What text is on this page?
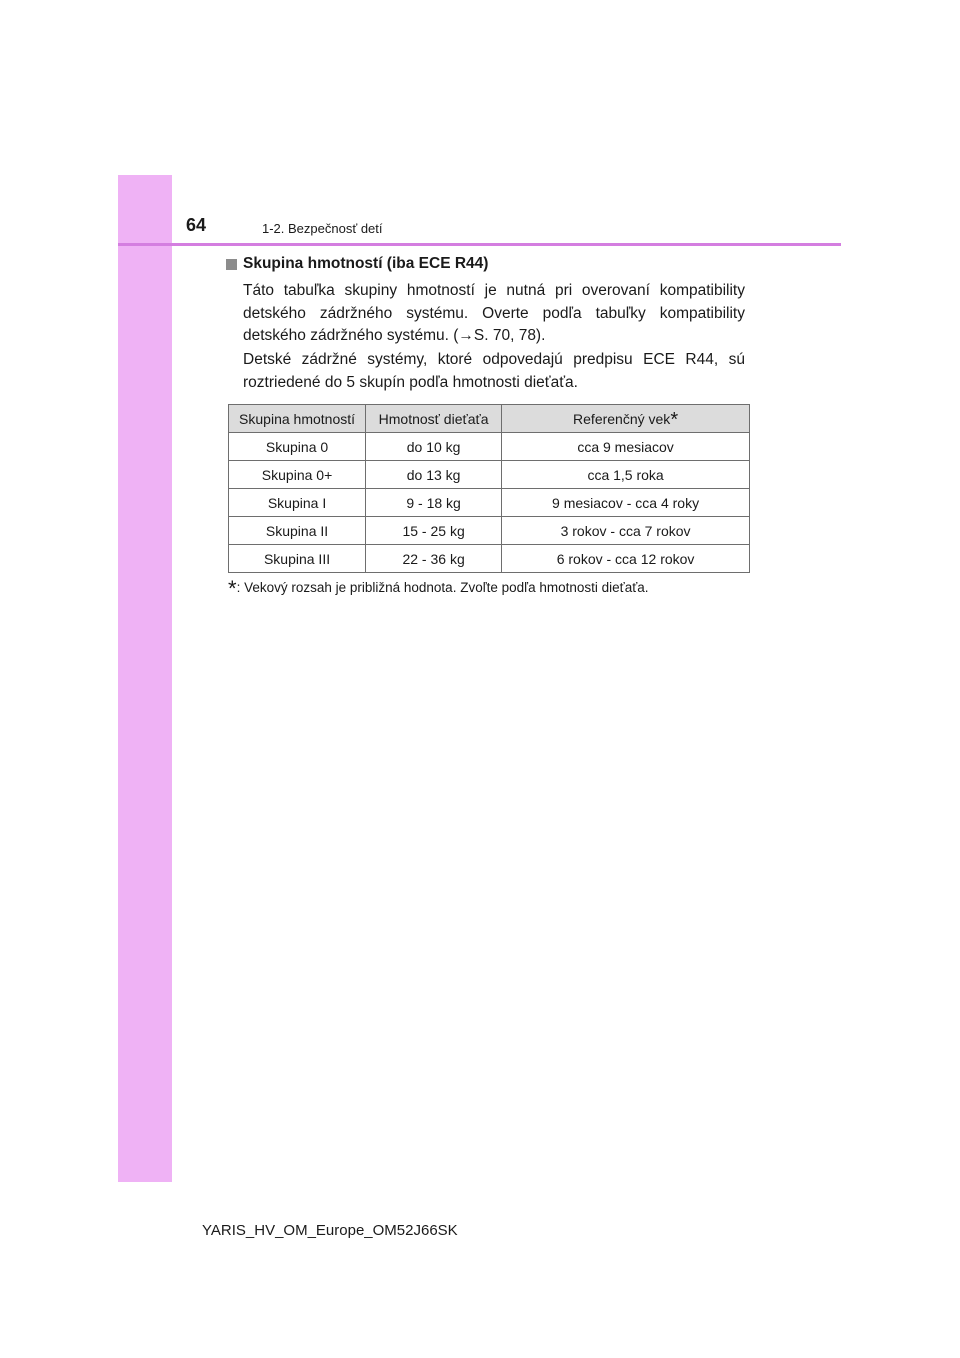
64	1-2. Bezpečnosť detí
Skupina hmotností (iba ECE R44)
Táto tabuľka skupiny hmotností je nutná pri overovaní kompatibility detského zádržného systému. Overte podľa tabuľky kompatibility detského zádržného systému. (→S. 70, 78).
Detské zádržné systémy, ktoré odpovedajú predpisu ECE R44, sú roztriedené do 5 skupín podľa hmotnosti dieťaťa.
Skupina hmotností	Hmotnosť dieťaťa	Referenčný vek*
Skupina 0	do 10 kg	cca 9 mesiacov
Skupina 0+	do 13 kg	cca 1,5 roka
Skupina I	9 - 18 kg	9 mesiacov - cca 4 roky
Skupina II	15 - 25 kg	3 rokov - cca 7 rokov
Skupina III	22 - 36 kg	6 rokov - cca 12 rokov
*: Vekový rozsah je približná hodnota. Zvoľte podľa hmotnosti dieťaťa.
YARIS_HV_OM_Europe_OM52J66SK
